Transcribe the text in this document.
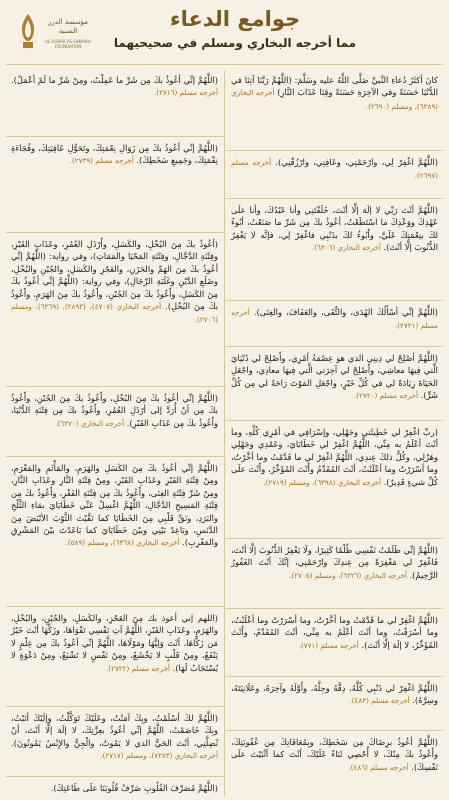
مؤسسة الدرر السنية
AL-DURAR AS-SANIYAH FOUNDATION
جوامع الدعاء
مما أخرجه البخاري ومسلم في صحيحيهما
كانَ أكثَرُ دُعاءِ النَّبيِّ صَلَّى اللَّهُ عليه وسَلَّمَ: (اللَّهُمَّ رَبَّنَا آتِنَا في الدُّنْيَا حَسَنَةً وفي الآخِرَةِ حَسَنَةً وقِنَا عَذَابَ النَّارِ) أخرجه البخاري (٦٣٨٩)، ومسلم (٢٦٩٠).
(اللَّهُمَّ اغْفِرْ لِي، وارْحَمْنِي، وعَافِنِي، وارْزُقْنِي). أخرجه مسلم (٢٦٩٧).
(اللَّهُمَّ أنْتَ رَبِّي لا إلَهَ إلَّا أنْتَ، خَلَقْتَنِي وأنا عَبْدُكَ، وأنا علَى عَهْدِكَ ووَعْدِكَ ما اسْتَطَعْتُ، أعُوذُ بكَ مِن شَرِّ ما صَنَعْتُ، أبُوءُ لكَ بنِعْمَتِكَ عَلَيَّ، وأَبُوءُ لكَ بذَنْبِي فاغْفِرْ لِي، فإنَّه لا يَغْفِرُ الذُّنُوبَ إلَّا أنْتَ). أخرجه البخاري (٦٣٠٦).
(اللَّهُمَّ إنِّي أسْأَلُكَ الهُدَى، والتُّقَى، والعَفَافَ، والغِنَى). أخرجه مسلم (٢٧٢١).
(اللَّهُمَّ أصْلِحْ لي دِينِي الذي هو عِصْمَةُ أمْرِي، وأَصْلِحْ لي دُنْيَايَ الَّتي فِيهَا معاشِي، وأَصْلِحْ لي آخِرَتي الَّتي فِيهَا معادِي، واجْعَلِ الحَيَاةَ زِيَادَةً لي في كُلِّ خَيْرٍ، واجْعَلِ المَوْتَ رَاحَةً لي مِن كُلِّ شَرٍّ). أخرجه مسلم (٢٧٢٠).
(ربِّ اغْفِرْ لي خَطِيئَتي وجَهْلِي، وإسْرَافِي في أمْرِي كُلِّهِ، وما أنْتَ أعْلَمُ به مِنِّي، اللَّهُمَّ اغْفِرْ لي خَطَايَايَ، وعَمْدِي وجَهْلِي وهَزْلِي، وكُلُّ ذلكَ عِندِي، اللَّهُمَّ اغْفِرْ لي ما قَدَّمْتُ وما أخَّرْتُ، وما أسْرَرْتُ وما أعْلَنْتُ، أنْتَ المُقَدِّمُ وأَنْتَ المُؤَخِّرُ، وأَنْتَ علَى كُلِّ شيءٍ قَدِيرٌ). أخرجه البخاري (٦٣٩٨)، ومسلم (٢٧١٩).
(اللَّهُمَّ إنِّي ظَلَمْتُ نَفْسِي ظُلْمًا كَثِيرًا، ولَا يَغْفِرُ الذُّنُوبَ إلَّا أنْتَ، فَاغْفِرْ لي مَغْفِرَةً مِن عِندِكَ وارْحَمْنِي، إنَّكَ أنْتَ الغَفُورُ الرَّحِيمُ). أخرجه البخاري (٦٣٢٦)، ومسلم (٢٧٠٥).
(اللَّهُمَّ اغْفِرْ لي ما قَدَّمْتُ وما أخَّرْتُ، وما أسْرَرْتُ وما أعْلَنْتُ، وما أسْرَفْتُ، وما أنْتَ أعْلَمُ به مِنِّي، أنْتَ المُقَدِّمُ، وأَنْتَ المُؤَخِّرُ، لا إلَهَ إلَّا أنْتَ). أخرجه مسلم (٧٧١).
(اللَّهُمَّ اغْفِرْ لي ذَنْبِي كُلَّهُ، دِقَّهُ وجِلَّهُ، وأَوَّلَهُ وآخِرَهُ، وعَلَانِيَتَهُ، وسِرَّهُ). أخرجه مسلم (٤٨٣).
(اللَّهُمَّ أعُوذُ برِضَاكَ مِن سَخَطِكَ، وبِمُعَافَاتِكَ مِن عُقُوبَتِكَ، وأَعُوذُ بكَ مِنْكَ، لا أُحْصِي ثَنَاءً عَلَيْكَ، أنْتَ كما أثْنَيْتَ علَى نَفْسِكَ). أخرجه مسلم (٤٨٦).
(اللَّهُمَّ إنِّي أعُوذُ بكَ مِن شَرِّ ما عَمِلْتُ، ومِنْ شَرِّ ما لَمْ أعْمَلْ). أخرجه مسلم (٢٧١٦).
(اللَّهُمَّ إنِّي أعُوذُ بكَ مِن زَوَالِ نِعْمَتِكَ، وتَحَوُّلِ عَافِيَتِكَ، وفُجَاءَةِ نِقْمَتِكَ، وجَمِيعِ سَخَطِكَ). أخرجه مسلم (٢٧٣٩).
(أعُوذُ بكَ مِنَ البُخْلِ، والكَسَلِ، وأَرْذَلِ العُمُرِ، وعَذَابِ القَبْرِ، وفِتْنَةِ الدَّجَّالِ، وفِتْنَةِ المَحْيَا والمَمَاتِ)، وفي رواية: (اللَّهُمَّ إنِّي أعُوذُ بكَ مِنَ الهَمِّ والحَزَنِ، والعَجْزِ والكَسَلِ، والجُبْنِ والبُخْلِ، وضَلَعِ الدَّيْنِ وغَلَبَةِ الرِّجَالِ)، وفي رواية: (اللَّهُمَّ إنِّي أعُوذُ بكَ مِنَ الكَسَلِ، وأَعُوذُ بكَ مِنَ الجُبْنِ، وأَعُوذُ بكَ مِنَ الهَرَمِ، وأَعُوذُ بكَ مِنَ البُخْلِ). أخرجه البخاري (٤٧٠٧)، (٢٨٩٣)، (٦٣٦٩)، ومسلم (٢٧٠٦).
(اللَّهُمَّ إنِّي أعُوذُ بكَ مِنَ البُخْلِ، وأَعُوذُ بكَ مِنَ الجُبْنِ، وأَعُوذُ بكَ مِن أنْ أُرَدَّ إلى أرْذَلِ العُمُرِ، وأَعُوذُ بكَ مِن فِتْنَةِ الدُّنْيَا، وأَعُوذُ بكَ مِن عَذَابِ القَبْرِ). أخرجه البخاري (٦٣٧٠).
(اللَّهُمَّ إنِّي أعُوذُ بكَ مِنَ الكَسَلِ والهَرَمِ، والمَأْثَمِ والمَغْرَمِ، ومِنْ فِتْنَةِ القَبْرِ وعَذَابِ القَبْرِ، ومِنْ فِتْنَةِ النَّارِ وعَذَابِ النَّارِ، ومِنْ شَرِّ فِتْنَةِ الغِنَى، وأَعُوذُ بكَ مِن فِتْنَةِ الفَقْرِ، وأَعُوذُ بكَ مِن فِتْنَةِ المَسِيحِ الدَّجَّالِ، اللَّهُمَّ اغْسِلْ عَنِّي خَطَايَايَ بمَاءِ الثَّلْجِ والبَرَدِ، ونَقِّ قَلْبِي مِنَ الخَطَايَا كما نَقَّيْتَ الثَّوْبَ الأبْيَضَ مِنَ الدَّنَسِ، وبَاعِدْ بَيْنِي وبيْنَ خَطَايَايَ كما بَاعَدْتَ بيْنَ المَشْرِقِ والمَغْرِبِ). أخرجه البخاري (٦٣٦٨)، ومسلم (٥٨٩).
(اللهم إني أعوذ بك مِنَ العَجْزِ، والكَسَلِ، والجُبْنِ، والبُخْلِ، والهَرَمِ، وعَذَابِ القَبْرِ، اللَّهُمَّ آتِ نَفْسِي تَقْوَاهَا، وزَكِّهَا أنْتَ خَيْرُ مَن زَكَّاهَا، أنْتَ وَلِيُّهَا ومَوْلَاهَا، اللَّهُمَّ إنِّي أعُوذُ بكَ مِن عِلْمٍ لا يَنْفَعُ، ومِنْ قَلْبٍ لا يَخْشَعُ، ومِنْ نَفْسٍ لا تَشْبَعُ، ومِنْ دَعْوَةٍ لا يُسْتَجَابُ لَهَا). أخرجه مسلم (٢٧٢٢).
(اللَّهُمَّ لكَ أسْلَمْتُ، وبِكَ آمَنْتُ، وعَلَيْكَ تَوَكَّلْتُ، وإلَيْكَ أنَبْتُ، وبِكَ خَاصَمْتُ، اللَّهُمَّ إنِّي أعُوذُ بعِزَّتِكَ، لا إلَهَ إلَّا أنْتَ، أنْ تُضِلَّنِي، أنْتَ الحَيُّ الذي لا يَمُوتُ، والْجِنُّ والإِنْسُ يَمُوتُونَ). أخرجه البخاري (٧٣٨٣)، ومسلم (٢٧١٧).
(اللَّهُمَّ مُصَرِّفَ القُلُوبِ صَرِّفْ قُلُوبَنَا علَى طَاعَتِكَ).
